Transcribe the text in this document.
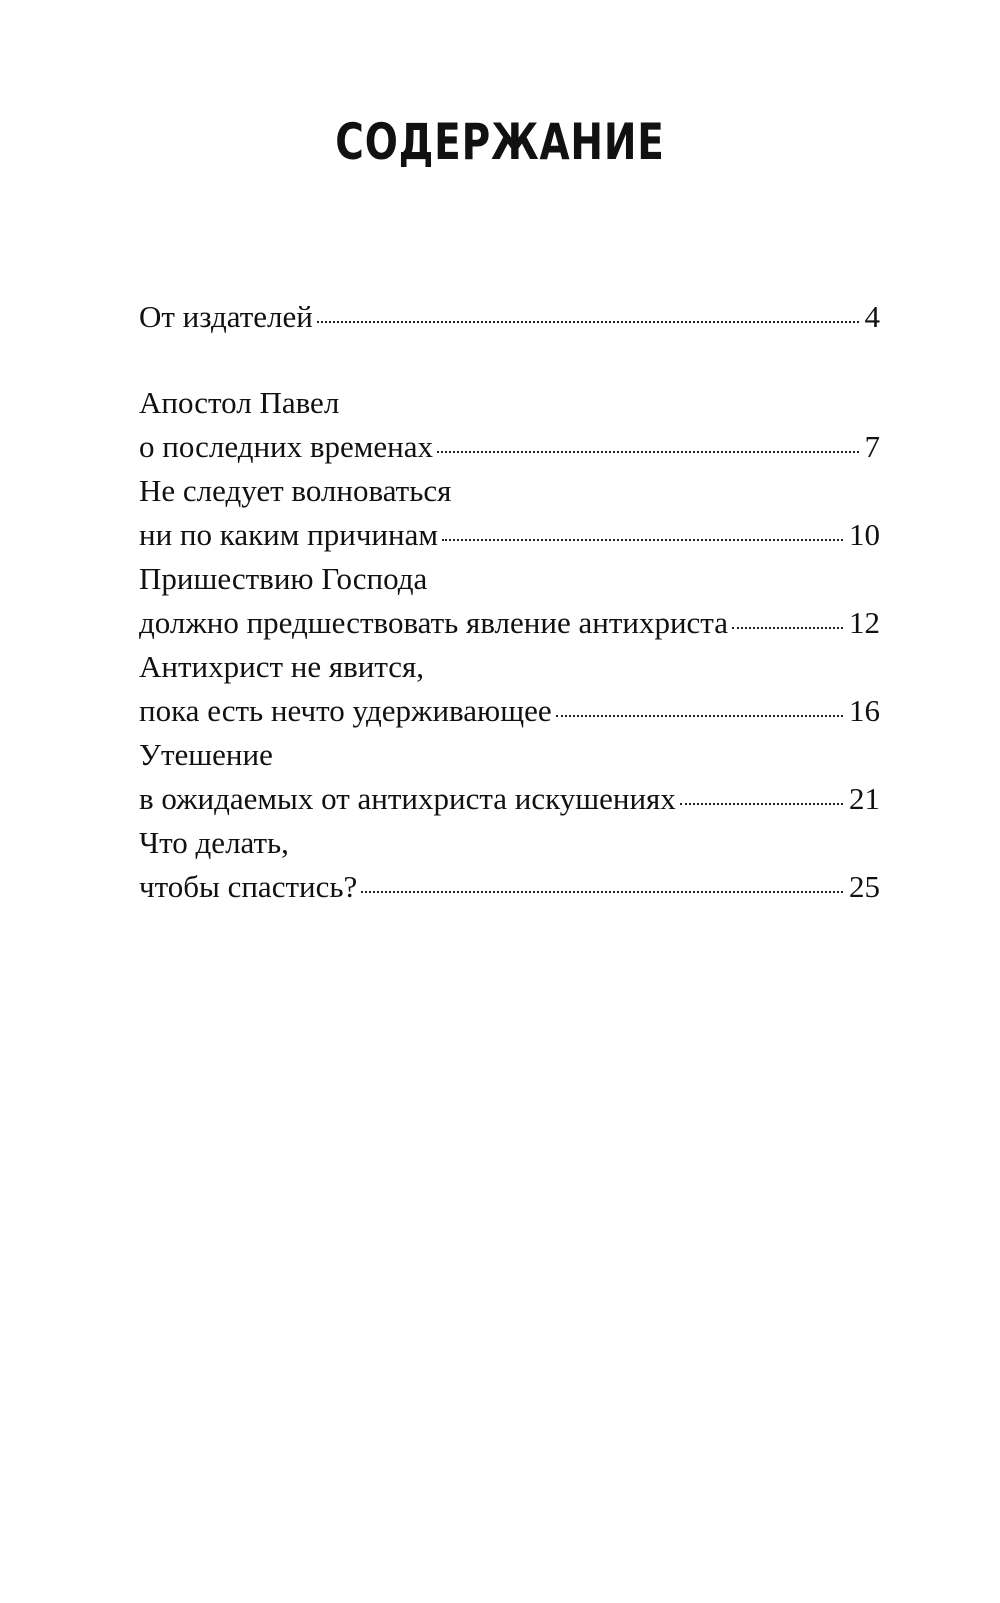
СОДЕРЖАНИЕ
От издателей	4
Апостол Павел
о последних временах	7
Не следует волноваться
ни по каким причинам	10
Пришествию Господа
должно предшествовать явление антихриста	12
Антихрист не явится,
пока есть нечто удерживающее	16
Утешение
в ожидаемых от антихриста искушениях	21
Что делать,
чтобы спастись?	25
